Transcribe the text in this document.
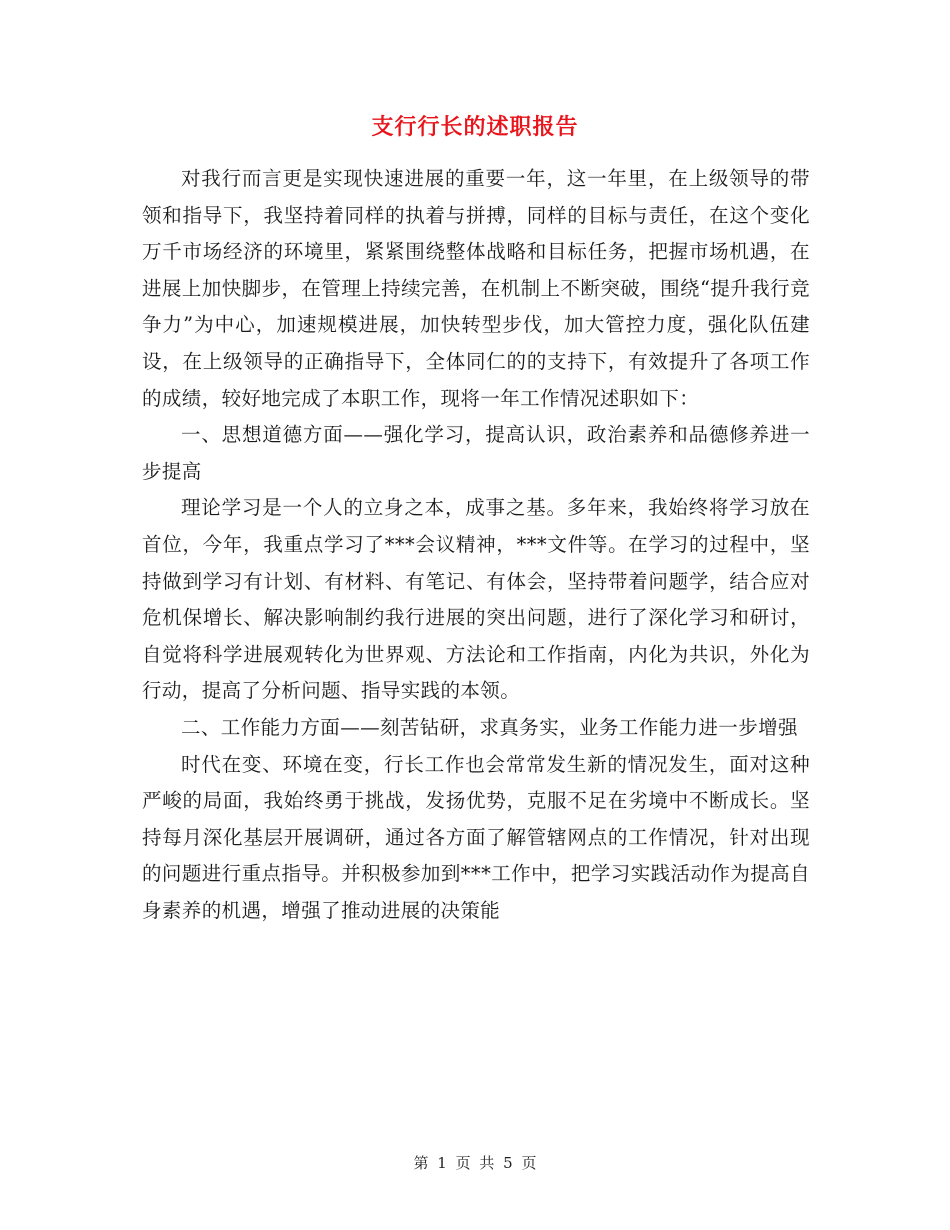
支行行长的述职报告

对我行而言更是实现快速进展的重要一年，这一年里，在上级领导的带领和指导下，我坚持着同样的执着与拼搏，同样的目标与责任，在这个变化万千市场经济的环境里，紧紧围绕整体战略和目标任务，把握市场机遇，在进展上加快脚步，在管理上持续完善，在机制上不断突破，围绕“提升我行竞争力”为中心，加速规模进展，加快转型步伐，加大管控力度，强化队伍建设，在上级领导的正确指导下，全体同仁的的支持下，有效提升了各项工作的成绩，较好地完成了本职工作，现将一年工作情况述职如下：

一、思想道德方面——强化学习，提高认识，政治素养和品德修养进一步提高

理论学习是一个人的立身之本，成事之基。多年来，我始终将学习放在首位，今年，我重点学习了***会议精神，***文件等。在学习的过程中，坚持做到学习有计划、有材料、有笔记、有体会，坚持带着问题学，结合应对危机保增长、解决影响制约我行进展的突出问题，进行了深化学习和研讨，自觉将科学进展观转化为世界观、方法论和工作指南，内化为共识，外化为行动，提高了分析问题、指导实践的本领。

二、工作能力方面——刻苦钻研，求真务实，业务工作能力进一步增强

时代在变、环境在变，行长工作也会常常发生新的情况发生，面对这种严峻的局面，我始终勇于挑战，发扬优势，克服不足在劣境中不断成长。坚持每月深化基层开展调研，通过各方面了解管辖网点的工作情况，针对出现的问题进行重点指导。并积极参加到***工作中，把学习实践活动作为提高自身素养的机遇，增强了推动进展的决策能

第 1 页 共 5 页
